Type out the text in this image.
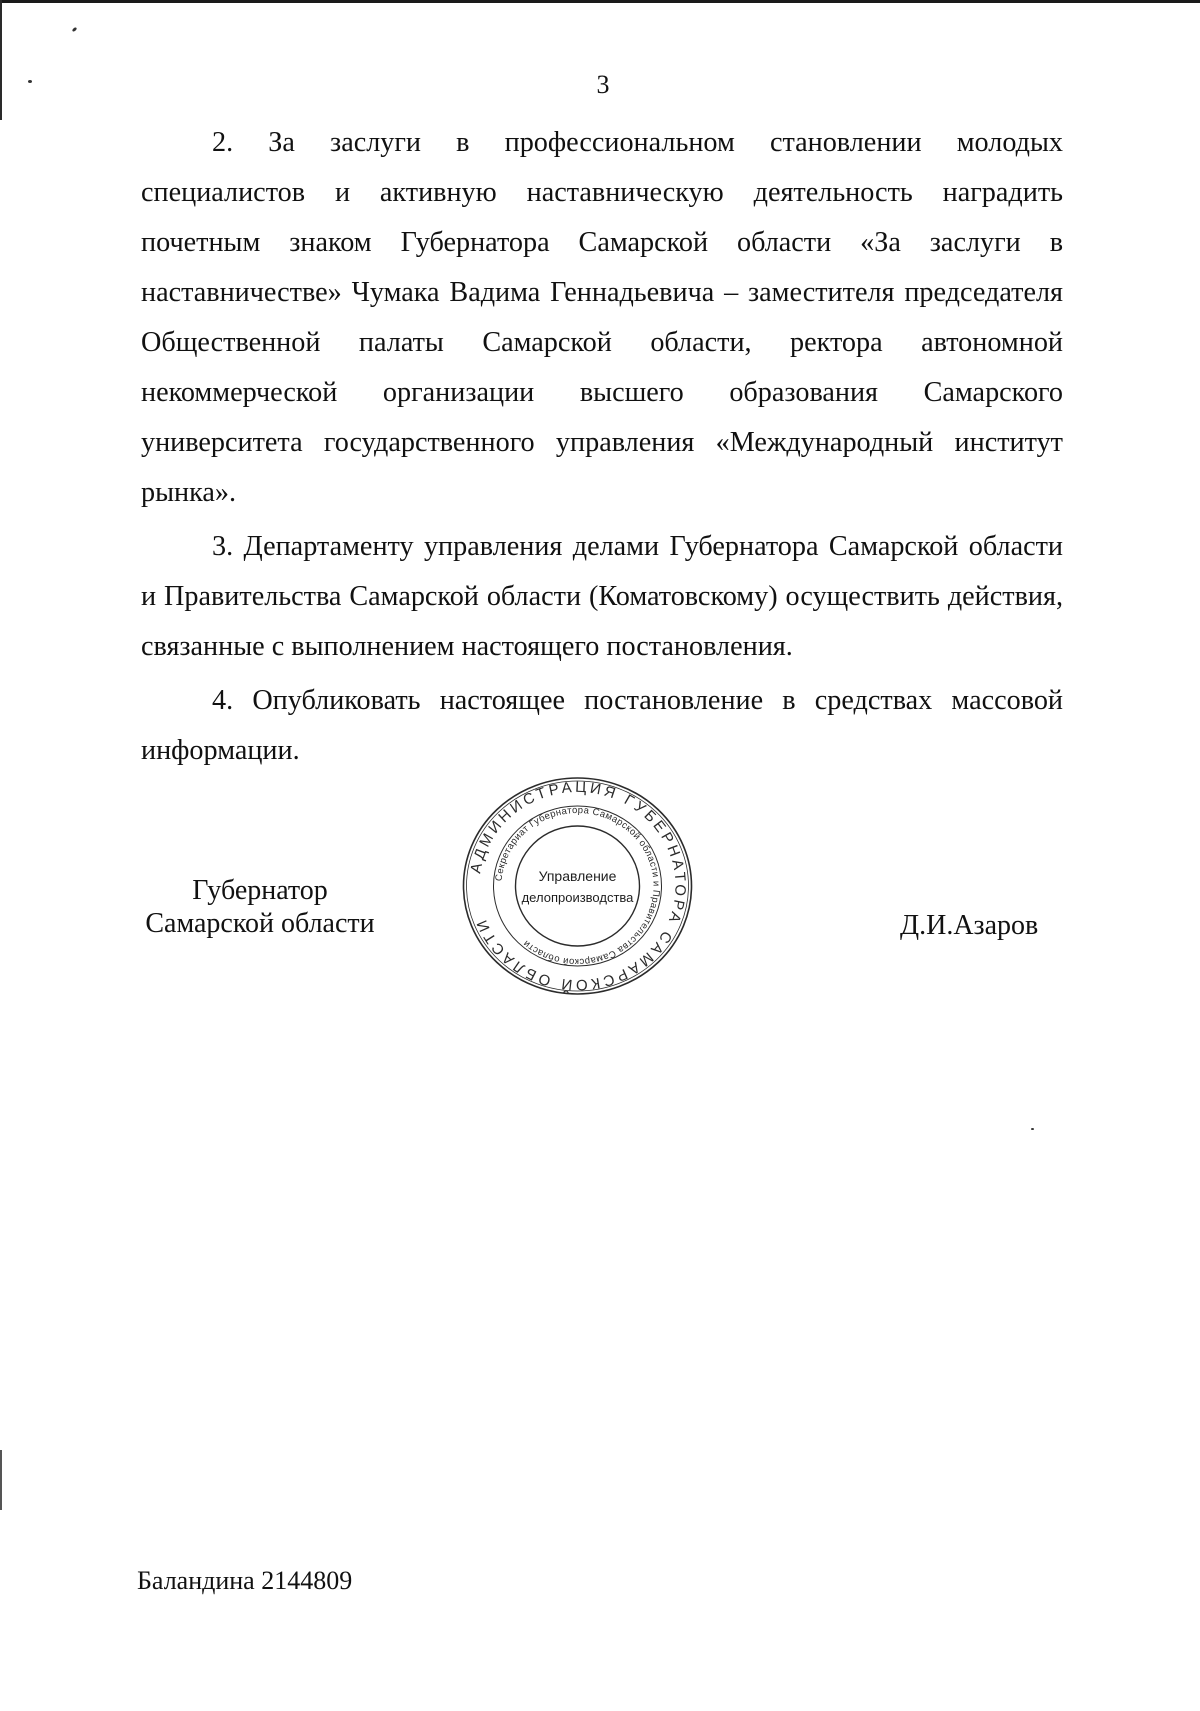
3

2. За заслуги в профессиональном становлении молодых специалистов и активную наставническую деятельность наградить почетным знаком Губернатора Самарской области «За заслуги в наставничестве» Чумака Вадима Геннадьевича – заместителя председателя Общественной палаты Самарской области, ректора автономной некоммерческой организации высшего образования Самарского университета государственного управления «Международный институт рынка».

3. Департаменту управления делами Губернатора Самарской области и Правительства Самарской области (Коматовскому) осуществить действия, связанные с выполнением настоящего постановления.

4. Опубликовать настоящее постановление в средствах массовой информации.

Губернатор
Самарской области
АДМИНИСТРАЦИЯ ГУБЕРНАТОРА САМАРСКОЙ ОБЛАСТИ
Секретариат Губернатора Самарской области и Правительства Самарской области
Управление
делопроизводства
Д.И.Азаров
Баландина 2144809
